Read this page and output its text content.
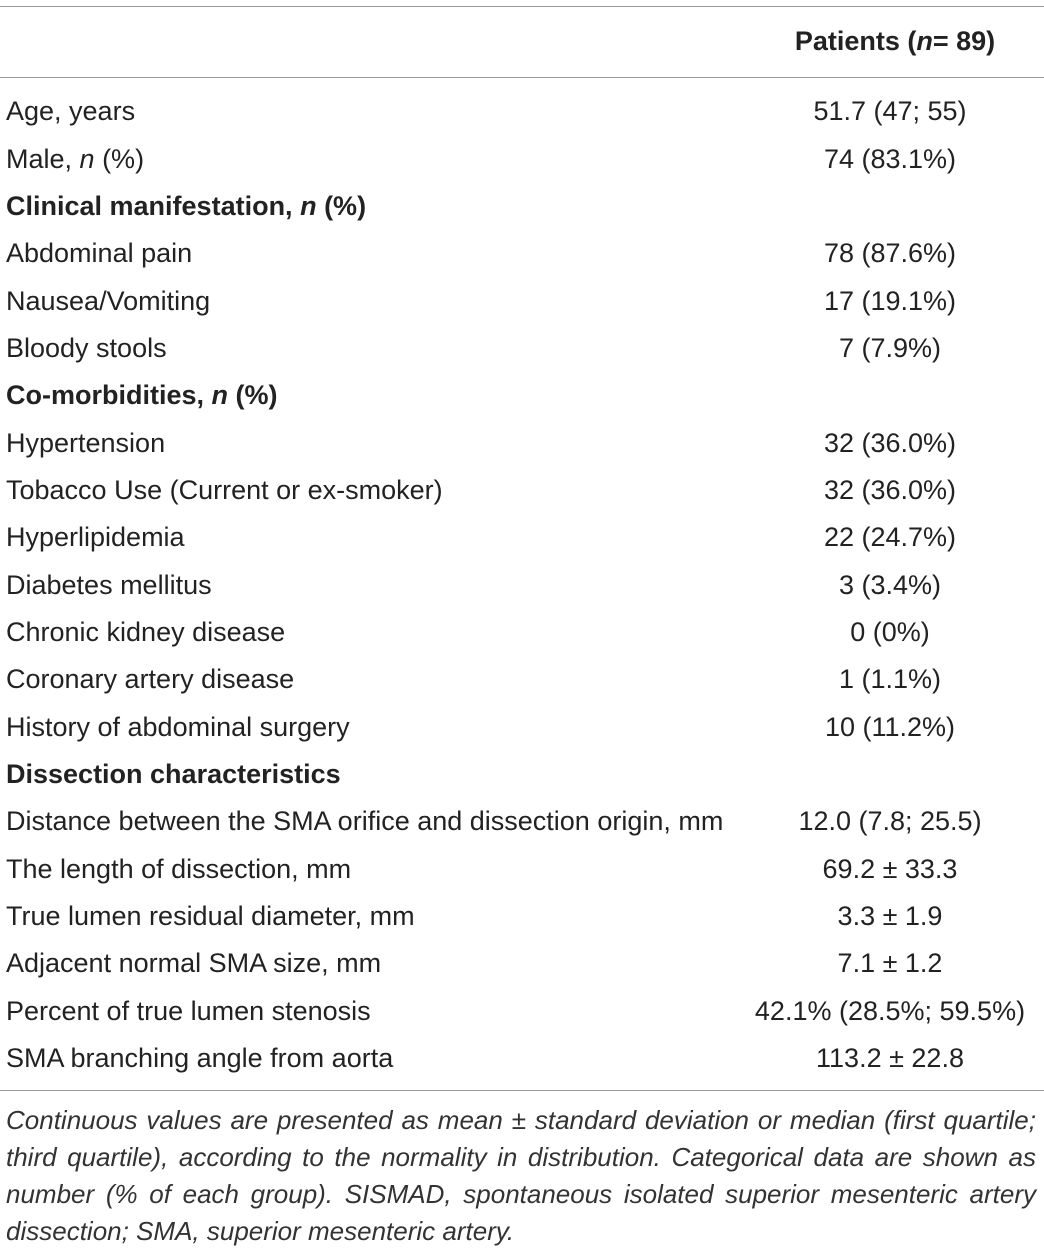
Patients ( n = 89)
Age, years	51.7 (47; 55)
Male, n (%)	74 (83.1%)
Clinical manifestation, n (%)
Abdominal pain	78 (87.6%)
Nausea/Vomiting	17 (19.1%)
Bloody stools	7 (7.9%)
Co-morbidities, n (%)
Hypertension	32 (36.0%)
Tobacco Use (Current or ex-smoker)	32 (36.0%)
Hyperlipidemia	22 (24.7%)
Diabetes mellitus	3 (3.4%)
Chronic kidney disease	0 (0%)
Coronary artery disease	1 (1.1%)
History of abdominal surgery	10 (11.2%)
Dissection characteristics
Distance between the SMA orifice and dissection origin, mm	12.0 (7.8; 25.5)
The length of dissection, mm	69.2 ± 33.3
True lumen residual diameter, mm	3.3 ± 1.9
Adjacent normal SMA size, mm	7.1 ± 1.2
Percent of true lumen stenosis	42.1% (28.5%; 59.5%)
SMA branching angle from aorta	113.2 ± 22.8
Continuous values are presented as mean ± standard deviation or median (first quartile; third quartile), according to the normality in distribution. Categorical data are shown as number (% of each group). SISMAD, spontaneous isolated superior mesenteric artery dissection; SMA, superior mesenteric artery.
